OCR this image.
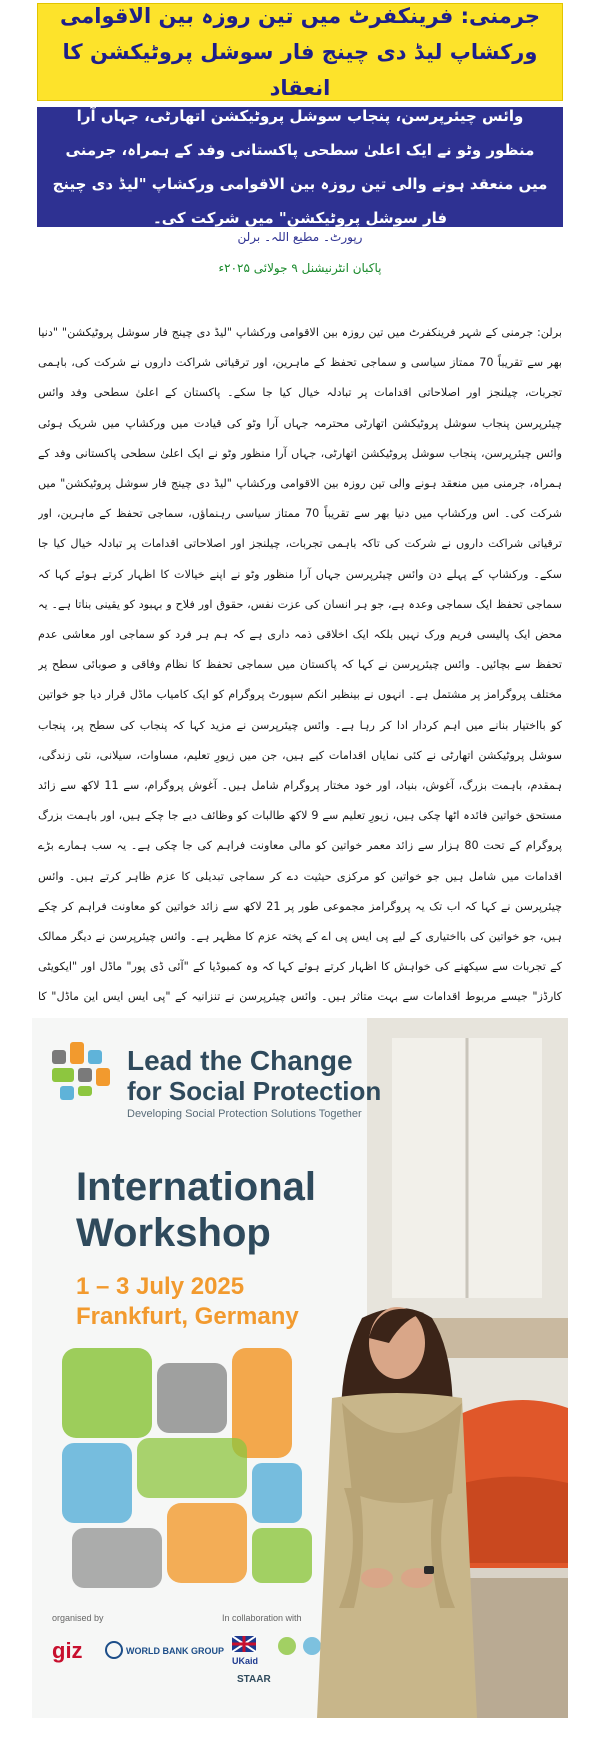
جرمنی: فرینکفرٹ میں تین روزہ بین الاقوامی ورکشاپ لیڈ دی چینج فار سوشل پروٹیکشن کا انعقاد

وائس چیئرپرسن، پنجاب سوشل پروٹیکشن اتھارٹی، جہاں آرا منظور وٹو نے ایک اعلیٰ سطحی پاکستانی وفد کے ہمراہ، جرمنی میں منعقد ہونے والی تین روزہ بین الاقوامی ورکشاپ "لیڈ دی چینج فار سوشل پروٹیکشن" میں شرکت کی۔

رپورٹ۔ مطیع اللہ۔ برلن
پاکبان انٹرنیشنل ۹ جولائی ۲۰۲۵ء

برلن: جرمنی کے شہر فرینکفرٹ میں تین روزہ بین الاقوامی ورکشاپ "لیڈ دی چینج فار سوشل پروٹیکشن" "دنیا بھر سے تقریباً 70 ممتاز سیاسی و سماجی تحفظ کے ماہرین، اور ترقیاتی شراکت داروں نے شرکت کی، باہمی تجربات، چیلنجز اور اصلاحاتی اقدامات پر تبادلہ خیال کیا جا سکے۔ پاکستان کے اعلیٰ سطحی وفد وائس چیئرپرسن پنجاب سوشل پروٹیکشن اتھارٹی محترمہ جہاں آرا وٹو کی قیادت میں ورکشاپ میں شریک ہوئی وائس چیئرپرسن، پنجاب سوشل پروٹیکشن اتھارٹی، جہاں آرا منظور وٹو نے ایک اعلیٰ سطحی پاکستانی وفد کے ہمراہ، جرمنی میں منعقد ہونے والی تین روزہ بین الاقوامی ورکشاپ "لیڈ دی چینج فار سوشل پروٹیکشن" میں شرکت کی۔ اس ورکشاپ میں دنیا بھر سے تقریباً 70 ممتاز سیاسی رہنماؤں، سماجی تحفظ کے ماہرین، اور ترقیاتی شراکت داروں نے شرکت کی تاکہ باہمی تجربات، چیلنجز اور اصلاحاتی اقدامات پر تبادلہ خیال کیا جا سکے۔ ورکشاپ کے پہلے دن وائس چیئرپرسن جہاں آرا منظور وٹو نے اپنے خیالات کا اظہار کرتے ہوئے کہا کہ سماجی تحفظ ایک سماجی وعدہ ہے، جو ہر انسان کی عزت نفس، حقوق اور فلاح و بہبود کو یقینی بناتا ہے۔ یہ محض ایک پالیسی فریم ورک نہیں بلکہ ایک اخلاقی ذمہ داری ہے کہ ہم ہر فرد کو سماجی اور معاشی عدم تحفظ سے بچائیں۔ وائس چیئرپرسن نے کہا کہ پاکستان میں سماجی تحفظ کا نظام وفاقی و صوبائی سطح پر مختلف پروگرامز پر مشتمل ہے۔ انہوں نے بینظیر انکم سپورٹ پروگرام کو ایک کامیاب ماڈل قرار دیا جو خواتین کو بااختیار بنانے میں اہم کردار ادا کر رہا ہے۔ وائس چیئرپرسن نے مزید کہا کہ پنجاب کی سطح پر، پنجاب سوشل پروٹیکشن اتھارٹی نے کئی نمایاں اقدامات کیے ہیں، جن میں زیورِ تعلیم، مساوات، سیلانی، نئی زندگی، ہمقدم، باہمت بزرگ، آغوش، بنیاد، اور خود مختار پروگرام شامل ہیں۔ آغوش پروگرام، سے 11 لاکھ سے زائد مستحق خواتین فائدہ اٹھا چکی ہیں، زیورِ تعلیم سے 9 لاکھ طالبات کو وظائف دیے جا چکے ہیں، اور باہمت بزرگ پروگرام کے تحت 80 ہزار سے زائد معمر خواتین کو مالی معاونت فراہم کی جا چکی ہے۔ یہ سب ہمارے بڑے اقدامات میں شامل ہیں جو خواتین کو مرکزی حیثیت دے کر سماجی تبدیلی کا عزم ظاہر کرتے ہیں۔ وائس چیئرپرسن نے کہا کہ اب تک یہ پروگرامز مجموعی طور پر 21 لاکھ سے زائد خواتین کو معاونت فراہم کر چکے ہیں، جو خواتین کی بااختیاری کے لیے پی ایس پی اے کے پختہ عزم کا مظہر ہے۔ وائس چیئرپرسن نے دیگر ممالک کے تجربات سے سیکھنے کی خواہش کا اظہار کرتے ہوئے کہا کہ وہ کمبوڈیا کے "آئی ڈی پور" ماڈل اور "ایکویٹی کارڈز" جیسے مربوط اقدامات سے بہت متاثر ہیں۔ وائس چیئرپرسن نے تنزانیہ کے "پی ایس ایس این ماڈل" کا

Lead the Change
for Social Protection
Developing Social Protection Solutions Together
International
Workshop
1 – 3 July 2025
Frankfurt, Germany
organised by	In collaboration with
giz	WORLD BANK GROUP
UKaid
STAAR
